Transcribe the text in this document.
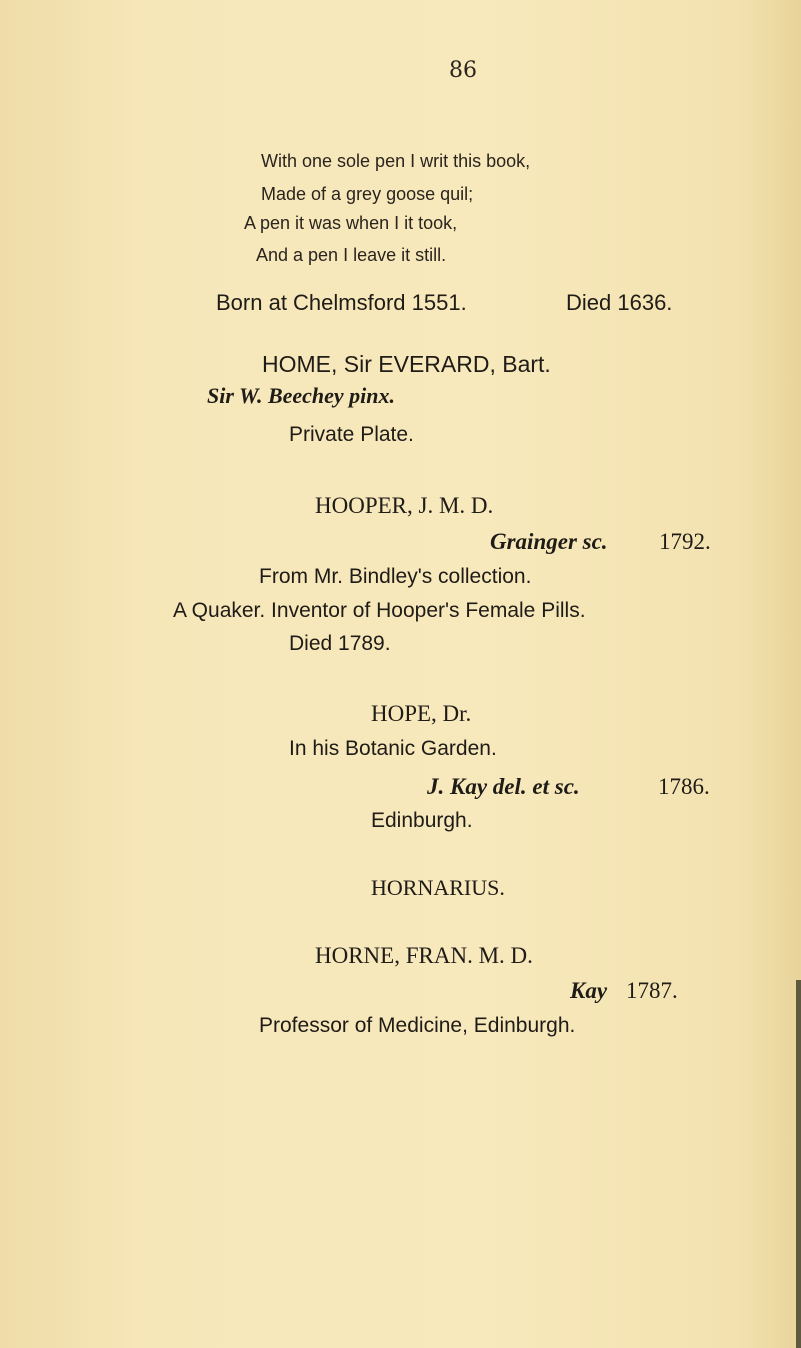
86
With one sole pen I writ this book,
Made of a grey goose quil;
A pen it was when I it took,
And a pen I leave it still.
Born at Chelmsford 1551.	Died 1636.
HOME, Sir EVERARD, Bart.
Sir W. Beechey pinx.
Private Plate.
HOOPER, J. M. D.
Grainger sc. 1792.
From Mr. Bindley's collection.
A Quaker. Inventor of Hooper's Female Pills.
Died 1789.
HOPE, Dr.
In his Botanic Garden.
J. Kay del. et sc.	1786.
Edinburgh.
HORNARIUS.
HORNE, FRAN. M. D.
Kay 1787.
Professor of Medicine, Edinburgh.
